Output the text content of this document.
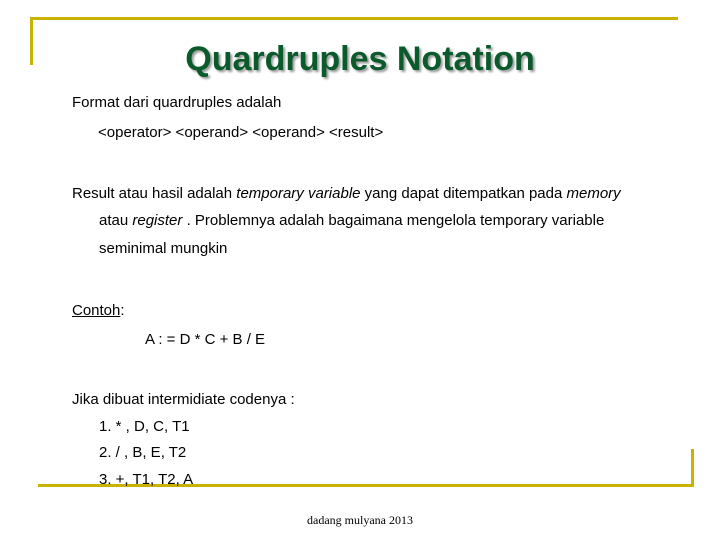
Quardruples Notation
Format dari quardruples adalah
<operator> <operand> <operand> <result>
Result atau hasil adalah temporary variable yang dapat ditempatkan pada memory
atau register . Problemnya adalah bagaimana mengelola temporary variable
seminimal mungkin
Contoh:
A : = D * C + B / E
Jika dibuat intermidiate codenya :
1. * , D, C, T1
2. / , B, E, T2
3. +, T1, T2, A
dadang mulyana 2013
